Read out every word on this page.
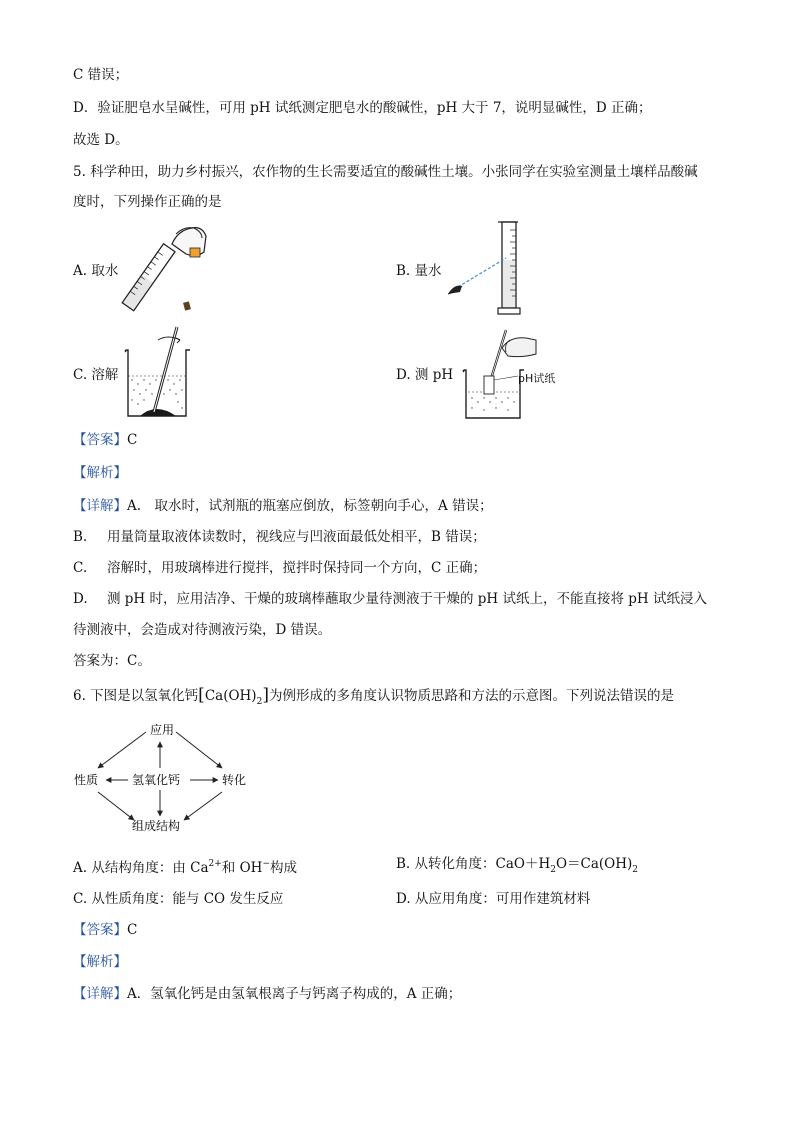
C 错误；
D．验证肥皂水呈碱性，可用 pH 试纸测定肥皂水的酸碱性，pH 大于 7，说明显碱性，D 正确；
故选 D。
5. 科学种田，助力乡村振兴，农作物的生长需要适宜的酸碱性土壤。小张同学在实验室测量土壤样品酸碱
度时，下列操作正确的是
A. 取水	B. 量水
C. 溶解	D. 测 pH	pH试纸
【答案】C
【解析】
【详解】A.　取水时，试剂瓶的瓶塞应倒放，标签朝向手心，A 错误；
B. 用量筒量取液体读数时，视线应与凹液面最低处相平，B 错误；
C. 溶解时，用玻璃棒进行搅拌，搅拌时保持同一个方向，C 正确；
D. 测 pH 时，应用洁净、干燥的玻璃棒蘸取少量待测液于干燥的 pH 试纸上，不能直接将 pH 试纸浸入
待测液中，会造成对待测液污染，D 错误。
答案为：C。
6. 下图是以氢氧化钙$[Ca(OH)_2]$为例形成的多角度认识物质思路和方法的示意图。下列说法错误的是
应用
性质	氢氧化钙	转化
组成结构
A. 从结构角度：由 $Ca^{2+}$和 OH−构成	B. 从转化角度：$CaO+H_2O=Ca(OH)_2$
C. 从性质角度：能与 CO 发生反应	D. 从应用角度：可用作建筑材料
【答案】C
【解析】
【详解】A．氢氧化钙是由氢氧根离子与钙离子构成的，A 正确；
